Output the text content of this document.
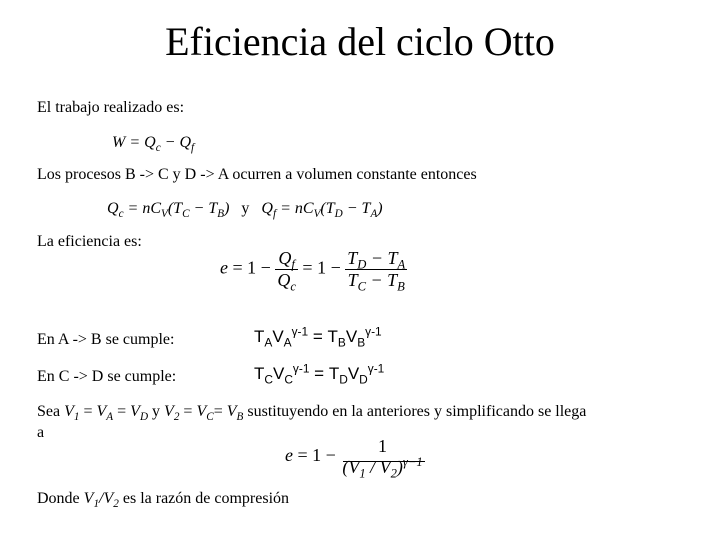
Eficiencia del ciclo Otto
El trabajo realizado es:
$W = Q_c - Q_f$
Los procesos B -> C y D -> A ocurren a volumen constante entonces
$Q_c = nC_V(T_C - T_B)$ y $Q_f = nC_V(T_D - T_A)$
La eficiencia es:
$e = 1 - \frac{Q_f}{Q_c} = 1 - \frac{T_D - T_A}{T_C - T_B}$
En A -> B se cumple:	$T_AV_A^{\gamma-1} = T_BV_B^{\gamma-1}$
En C -> D se cumple:	$T_CV_C^{\gamma-1} = T_DV_D^{\gamma-1}$
Sea $V_1 = V_A = V_D$ y $V_2 = V_C= V_B$ sustituyendo en la anteriores y simplificando se llega
a
e = 1 −	1
$(V_1 / V_2)^{\gamma-1}$
Donde $V_1/V_2$ es la razón de compresión
